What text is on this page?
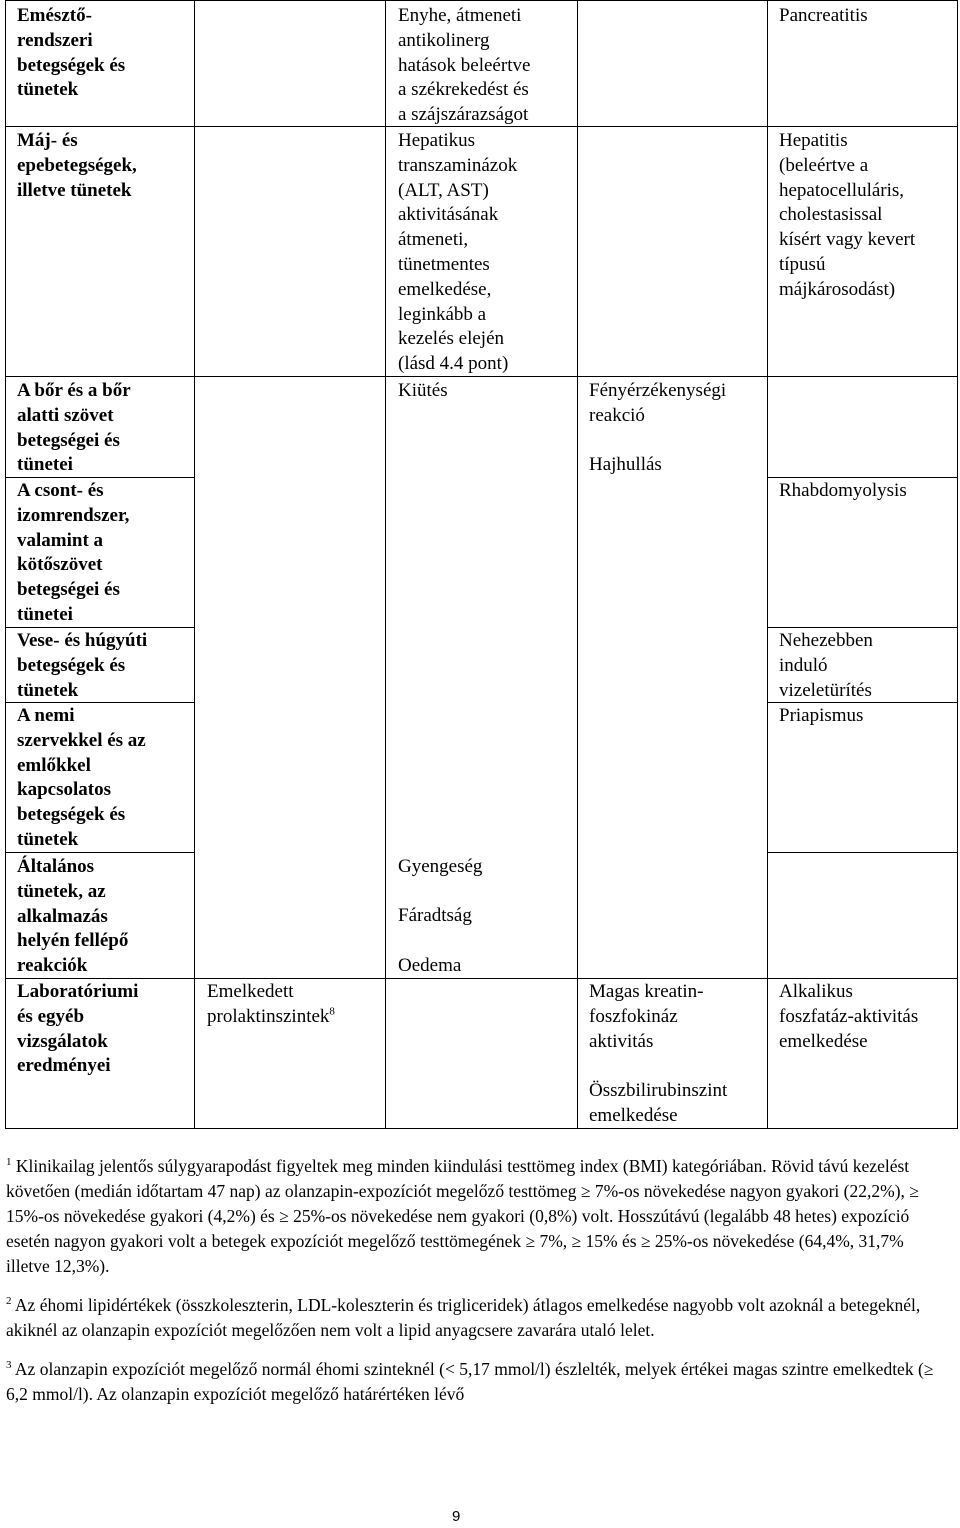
Emésztő-
rendszeri
betegségek és
tünetek
Enyhe, átmeneti
antikolinerg
hatások beleértve
a székrekedést és
a szájszárazságot
Pancreatitis
Máj- és
epebetegségek,
illetve tünetek
Hepatikus
transzaminázok
(ALT, AST)
aktivitásának
átmeneti,
tünetmentes
emelkedése,
leginkább a
kezelés elején
(lásd 4.4 pont)
Hepatitis
(beleértve a
hepatocelluláris,
cholestasissal
kísért vagy kevert
típusú
májkárosodást)
A bőr és a bőr
alatti szövet
betegségei és
tünetei
Kiütés	Fényérzékenységi
reakció
Hajhullás
A csont- és
izomrendszer,
valamint a
kötőszövet
betegségei és
tünetei
Rhabdomyolysis
Vese- és húgyúti
betegségek és
tünetek
Nehezebben
induló
vizeletürítés
A nemi
szervekkel és az
emlőkkel
kapcsolatos
betegségek és
tünetek
Priapismus
Általános
tünetek, az
alkalmazás
helyén fellépő
reakciók
Gyengeség
Fáradtság
Oedema
Laboratóriumi
és egyéb
vizsgálatok
eredményei
Emelkedett
prolaktinszintek$^8$
Magas kreatin-
foszfokináz
aktivitás
Összbilirubinszint
emelkedése
Alkalikus
foszfatáz-aktivitás
emelkedése

$^1$ Klinikailag jelentős súlygyarapodást figyeltek meg minden kiindulási testtömeg index (BMI) kategóriában. Rövid távú kezelést követően (medián időtartam 47 nap) az olanzapin-expozíciót megelőző testtömeg ≥ 7%-os növekedése nagyon gyakori (22,2%), ≥ 15%-os növekedése gyakori (4,2%) és ≥ 25%-os növekedése nem gyakori (0,8%) volt. Hosszútávú (legalább 48 hetes) expozíció esetén nagyon gyakori volt a betegek expozíciót megelőző testtömegének ≥ 7%, ≥ 15% és ≥ 25%-os növekedése (64,4%, 31,7% illetve 12,3%).

$^2$ Az éhomi lipidértékek (összkoleszterin, LDL-koleszterin és trigliceridek) átlagos emelkedése nagyobb volt azoknál a betegeknél, akiknél az olanzapin expozíciót megelőzően nem volt a lipid anyagcsere zavarára utaló lelet.

$^3$ Az olanzapin expozíciót megelőző normál éhomi szinteknél (< 5,17 mmol/l) észlelték, melyek értékei magas szintre emelkedtek (≥ 6,2 mmol/l). Az olanzapin expozíciót megelőző határértéken lévő

9
